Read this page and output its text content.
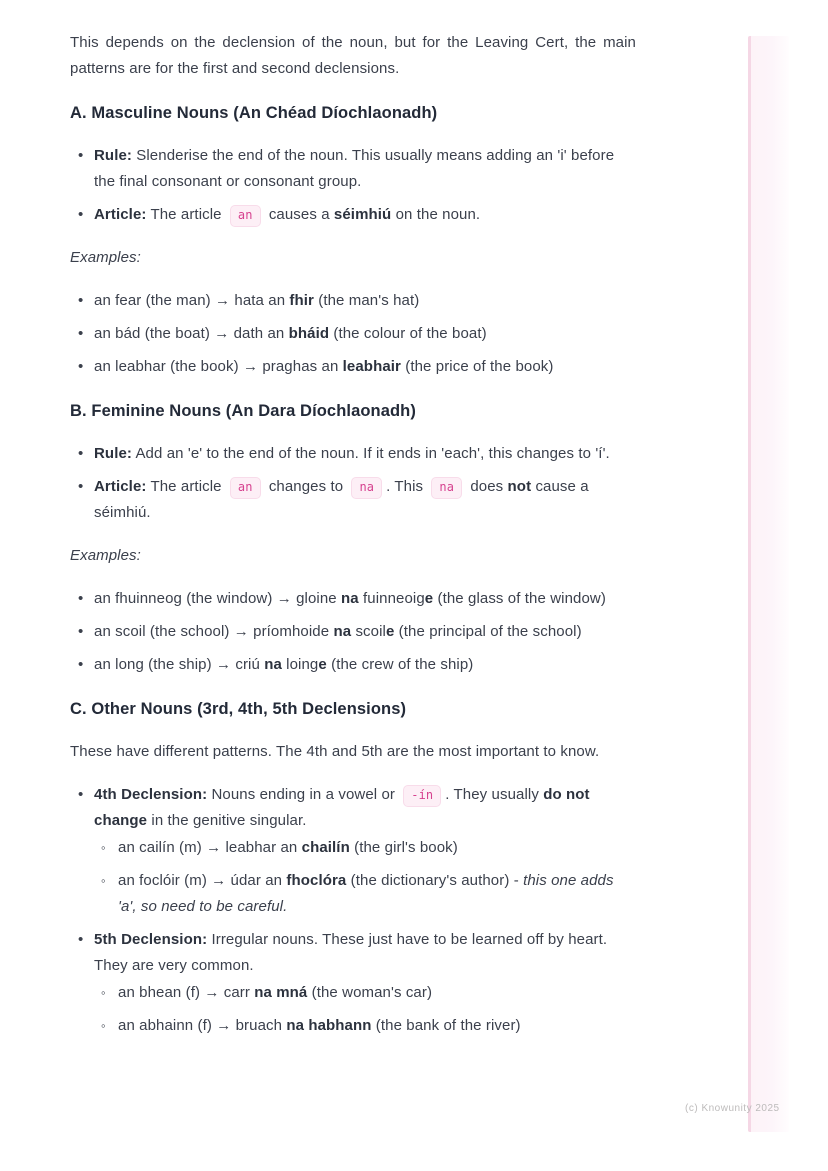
This depends on the declension of the noun, but for the Leaving Cert, the main patterns are for the first and second declensions.

A. Masculine Nouns (An Chéad Díochlaonadh)
• Rule: Slenderise the end of the noun. This usually means adding an 'i' before the final consonant or consonant group.
• Article: The article an causes a séimhiú on the noun.

Examples:

• an fear (the man) → hata an fhir (the man's hat)
• an bád (the boat) → dath an bháid (the colour of the boat)
• an leabhar (the book) → praghas an leabhair (the price of the book)
B. Feminine Nouns (An Dara Díochlaonadh)
• Rule: Add an 'e' to the end of the noun. If it ends in 'each', this changes to 'í'.
• Article: The article an changes to na . This na does not cause a séimhiú.

Examples:

• an fhuinneog (the window) → gloine na fuinneoige (the glass of the window)
• an scoil (the school) → príomhoide na scoile (the principal of the school)
• an long (the ship) → criú na loinge (the crew of the ship)
C. Other Nouns (3rd, 4th, 5th Declensions)

These have different patterns. The 4th and 5th are the most important to know.

• 4th Declension: Nouns ending in a vowel or -ín . They usually do not change in the genitive singular.
◦ an cailín (m) → leabhar an chailín (the girl's book)
◦ an foclóir (m) → údar an fhoclóra (the dictionary's author) - this one adds 'a', so need to be careful.
• 5th Declension: Irregular nouns. These just have to be learned off by heart. They are very common.
◦ an bhean (f) → carr na mná (the woman's car)
◦ an abhainn (f) → bruach na habhann (the bank of the river)
(c) Knowunity 2025
